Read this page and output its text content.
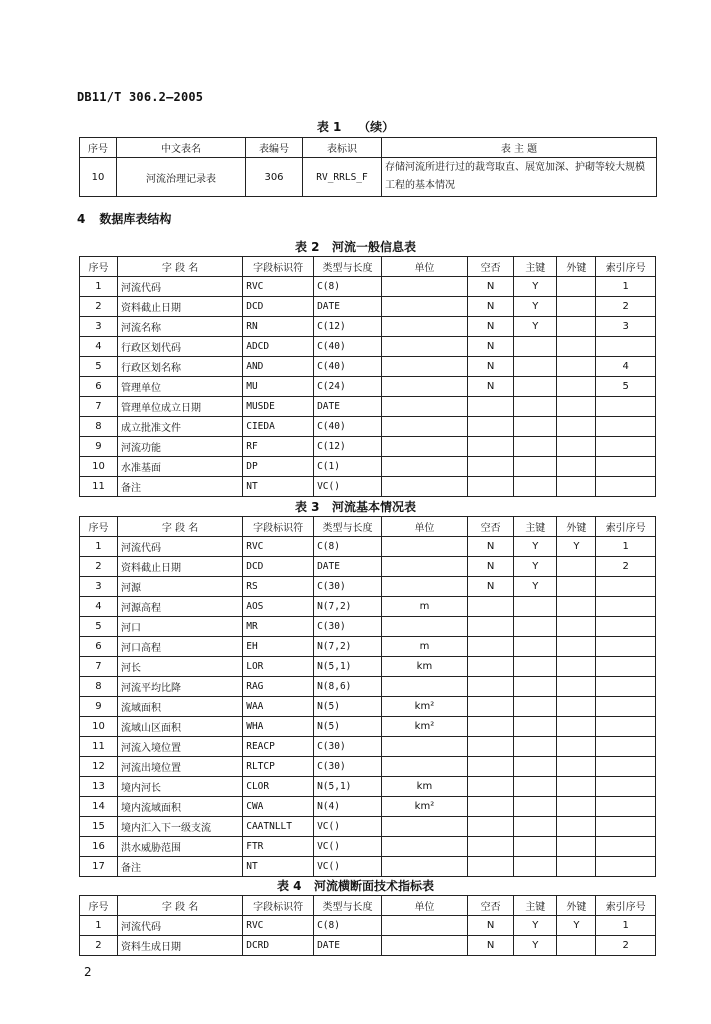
DB11/T 306.2—2005
表 1 （续）
序号	中文表名	表编号	表标识	表 主 题
10	河流治理记录表	306	RV_RRLS_F	存储河流所进行过的裁弯取直、展宽加深、护砌等较大规模工程的基本情况
4 数据库表结构
表 2   河流一般信息表
序号	字 段 名	字段标识符	类型与长度	单位	空否	主键	外键	索引序号
1	河流代码	RVC	C(8)		N	Y		1
2	资料截止日期	DCD	DATE		N	Y		2
3	河流名称	RN	C(12)		N	Y		3
4	行政区划代码	ADCD	C(40)		N			
5	行政区划名称	AND	C(40)		N			4
6	管理单位	MU	C(24)		N			5
7	管理单位成立日期	MUSDE	DATE					
8	成立批准文件	CIEDA	C(40)					
9	河流功能	RF	C(12)					
10	水准基面	DP	C(1)					
11	备注	NT	VC()					
表 3   河流基本情况表
序号	字 段 名	字段标识符	类型与长度	单位	空否	主键	外键	索引序号
1	河流代码	RVC	C(8)		N	Y	Y	1
2	资料截止日期	DCD	DATE		N	Y		2
3	河源	RS	C(30)		N	Y		
4	河源高程	AOS	N(7,2)	m				
5	河口	MR	C(30)					
6	河口高程	EH	N(7,2)	m				
7	河长	LOR	N(5,1)	km				
8	河流平均比降	RAG	N(8,6)					
9	流域面积	WAA	N(5)	km²				
10	流域山区面积	WHA	N(5)	km²				
11	河流入境位置	REACP	C(30)					
12	河流出境位置	RLTCP	C(30)					
13	境内河长	CLOR	N(5,1)	km				
14	境内流域面积	CWA	N(4)	km²				
15	境内汇入下一级支流	CAATNLLT	VC()					
16	洪水威胁范围	FTR	VC()					
17	备注	NT	VC()					
表 4   河流横断面技术指标表
序号	字 段 名	字段标识符	类型与长度	单位	空否	主键	外键	索引序号
1	河流代码	RVC	C(8)		N	Y	Y	1
2	资料生成日期	DCRD	DATE		N	Y		2
2
